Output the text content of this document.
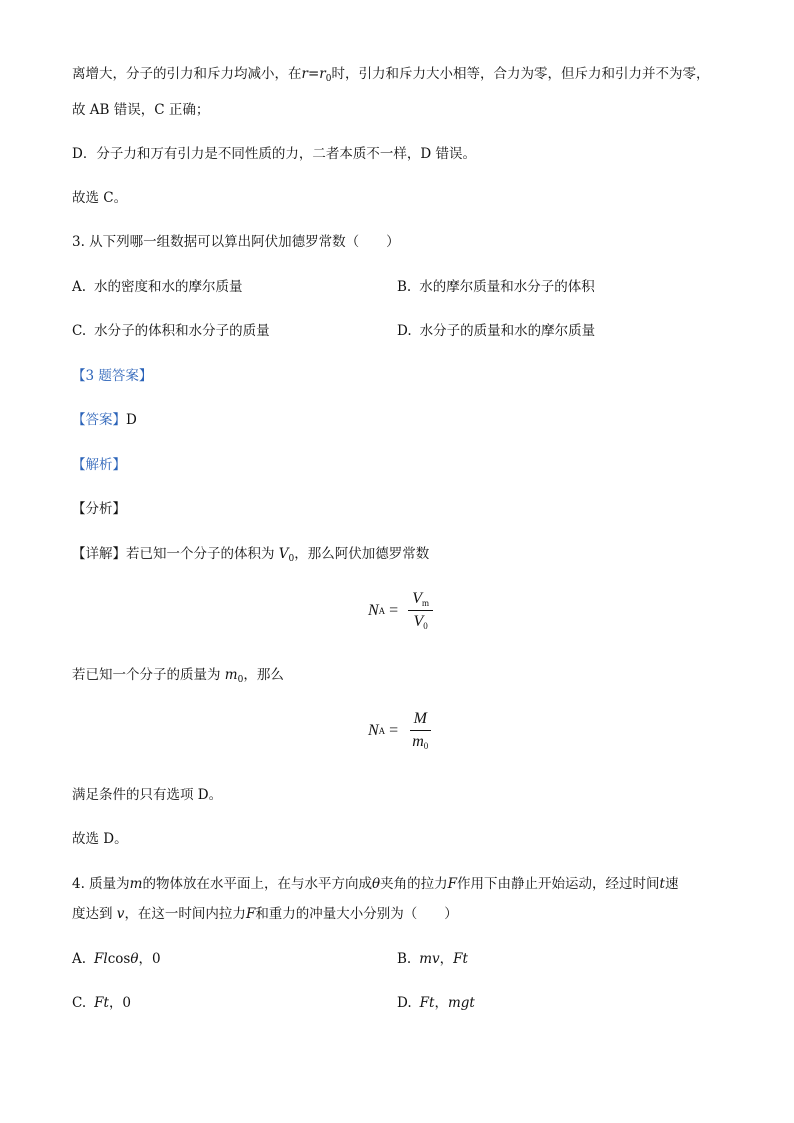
离增大，分子的引力和斥力均减小，在$r=r_0$时，引力和斥力大小相等，合力为零，但斥力和引力并不为零，
故 AB 错误，C 正确；
D．分子力和万有引力是不同性质的力，二者本质不一样，D 错误。
故选 C。
3. 从下列哪一组数据可以算出阿伏加德罗常数（　　）
A. 水的密度和水的摩尔质量	B. 水的摩尔质量和水分子的体积
C. 水分子的体积和水分子的质量	D. 水分子的质量和水的摩尔质量
【3 题答案】
【答案】D
【解析】
【分析】
【详解】若已知一个分子的体积为 $V_0$，那么阿伏加德罗常数
N $A = \frac{V_m}{V_0}$
若已知一个分子的质量为 $m_0$，那么
N $A = \frac{M}{m_0}$
满足条件的只有选项 D。
故选 D。
4. 质量为m的物体放在水平面上，在与水平方向成θ夹角的拉力F作用下由静止开始运动，经过时间t速
度达到 v，在这一时间内拉力F和重力的冲量大小分别为（　　）
A. Flcosθ，0	B. mv，Ft
C. Ft，0	D. Ft，mgt
